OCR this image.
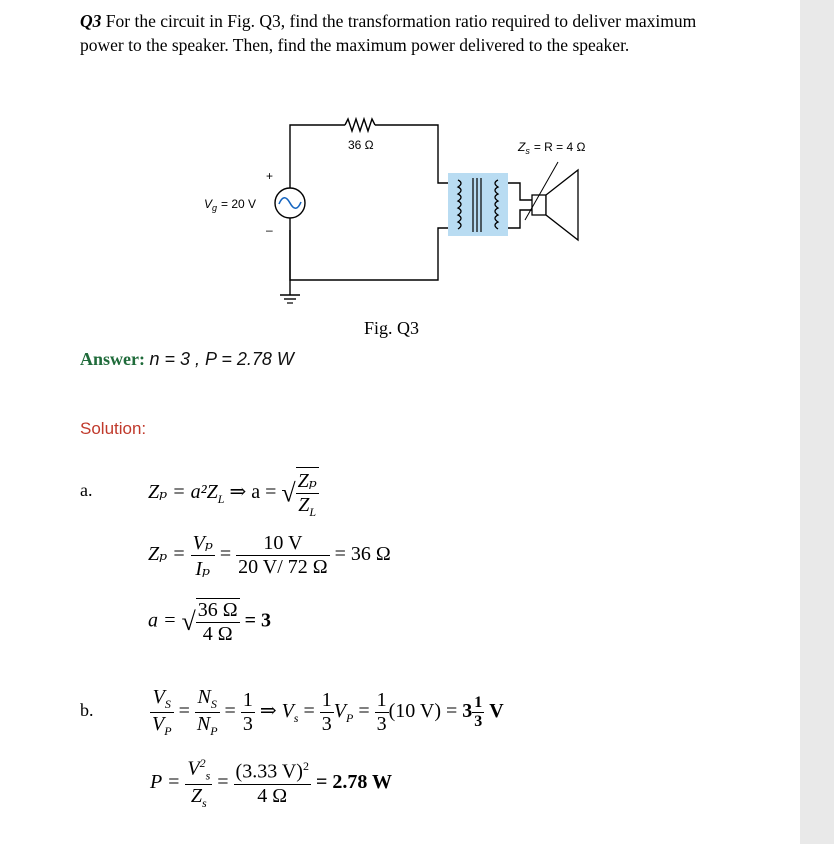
Q3 For the circuit in Fig. Q3, find the transformation ratio required to deliver maximum power to the speaker. Then, find the maximum power delivered to the speaker.
+
–
$V_g = 20$ V
36 Ω	$Z_s = R = 4$ Ω
Fig. Q3
Answer: n = 3 , P = 2.78 W
Solution:
a.	$Z_p = a^2Z_L$ ⇒ a = √ $\frac{\text{Zₚ}}{Z_L}$
$Z_p = \frac{\text{Vₚ}}{\text{Iₚ}} = \frac{10 V}{20 V/ 72 \Omega} = 36$ Ω
a = √ $\frac{36 \Omega}{4 \Omega} = 3$
b.	$\frac{V_S}{V_P} = \frac{N_S}{N_P} = \frac{1}{3}$ ⇒ $V_s = \frac{1}{3} V_P = \frac{1}{3} (10$ $V) = 3 \frac{1}{3}$ V
$P = \frac{V^2_s}{Z_s} = \frac{(3.33 V)^2}{4 \Omega} = 2.78$ W
